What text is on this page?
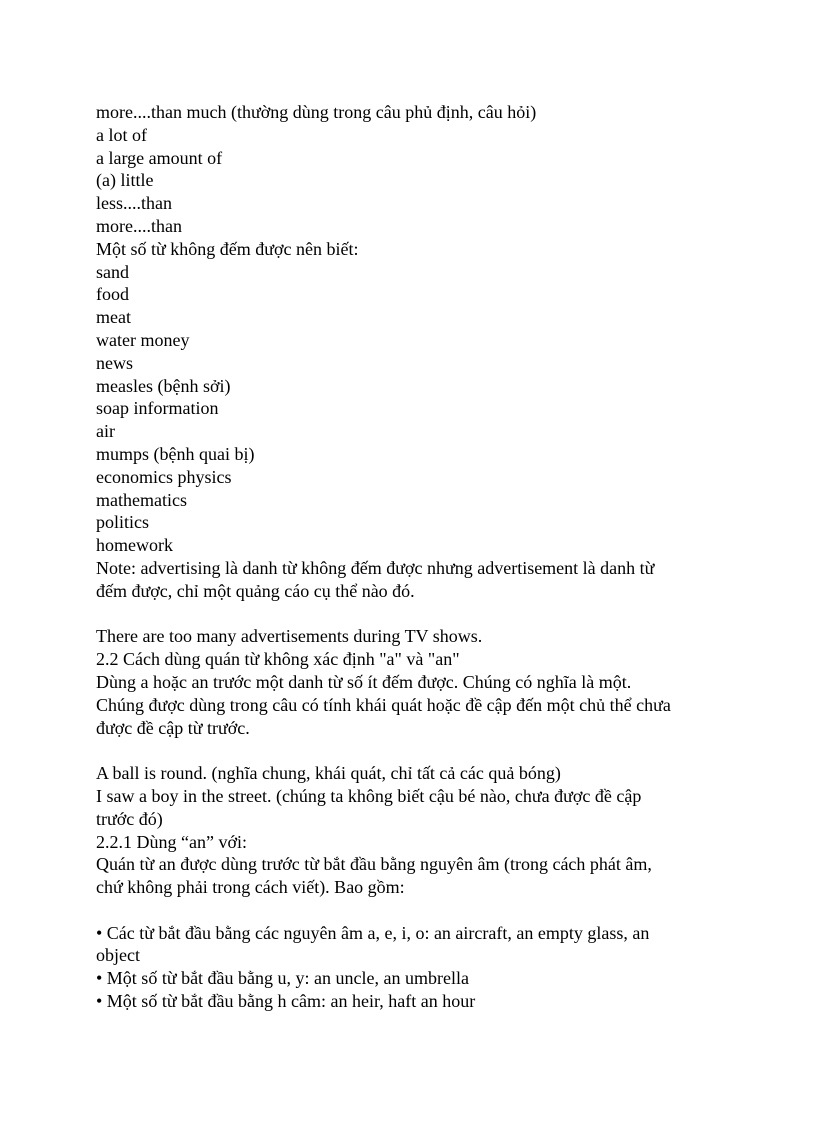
more....than much (thường dùng trong câu phủ định, câu hỏi)
a lot of
a large amount of
(a) little
less....than
more....than
Một số từ không đếm được nên biết:
sand
food
meat
water money
news
measles (bệnh sởi)
soap information
air
mumps (bệnh quai bị)
economics physics
mathematics
politics
homework
Note: advertising là danh từ không đếm được nhưng advertisement là danh từ
đếm được, chỉ một quảng cáo cụ thể nào đó.
There are too many advertisements during TV shows.
2.2 Cách dùng quán từ không xác định "a" và "an"
Dùng a hoặc an trước một danh từ số ít đếm được. Chúng có nghĩa là một.
Chúng được dùng trong câu có tính khái quát hoặc đề cập đến một chủ thể chưa
được đề cập từ trước.
A ball is round. (nghĩa chung, khái quát, chỉ tất cả các quả bóng)
I saw a boy in the street. (chúng ta không biết cậu bé nào, chưa được đề cập
trước đó)
2.2.1 Dùng “an” với:
Quán từ an được dùng trước từ bắt đầu bằng nguyên âm (trong cách phát âm,
chứ không phải trong cách viết). Bao gồm:
• Các từ bắt đầu bằng các nguyên âm a, e, i, o: an aircraft, an empty glass, an
object
• Một số từ bắt đầu bằng u, y: an uncle, an umbrella
• Một số từ bắt đầu bằng h câm: an heir, haft an hour
